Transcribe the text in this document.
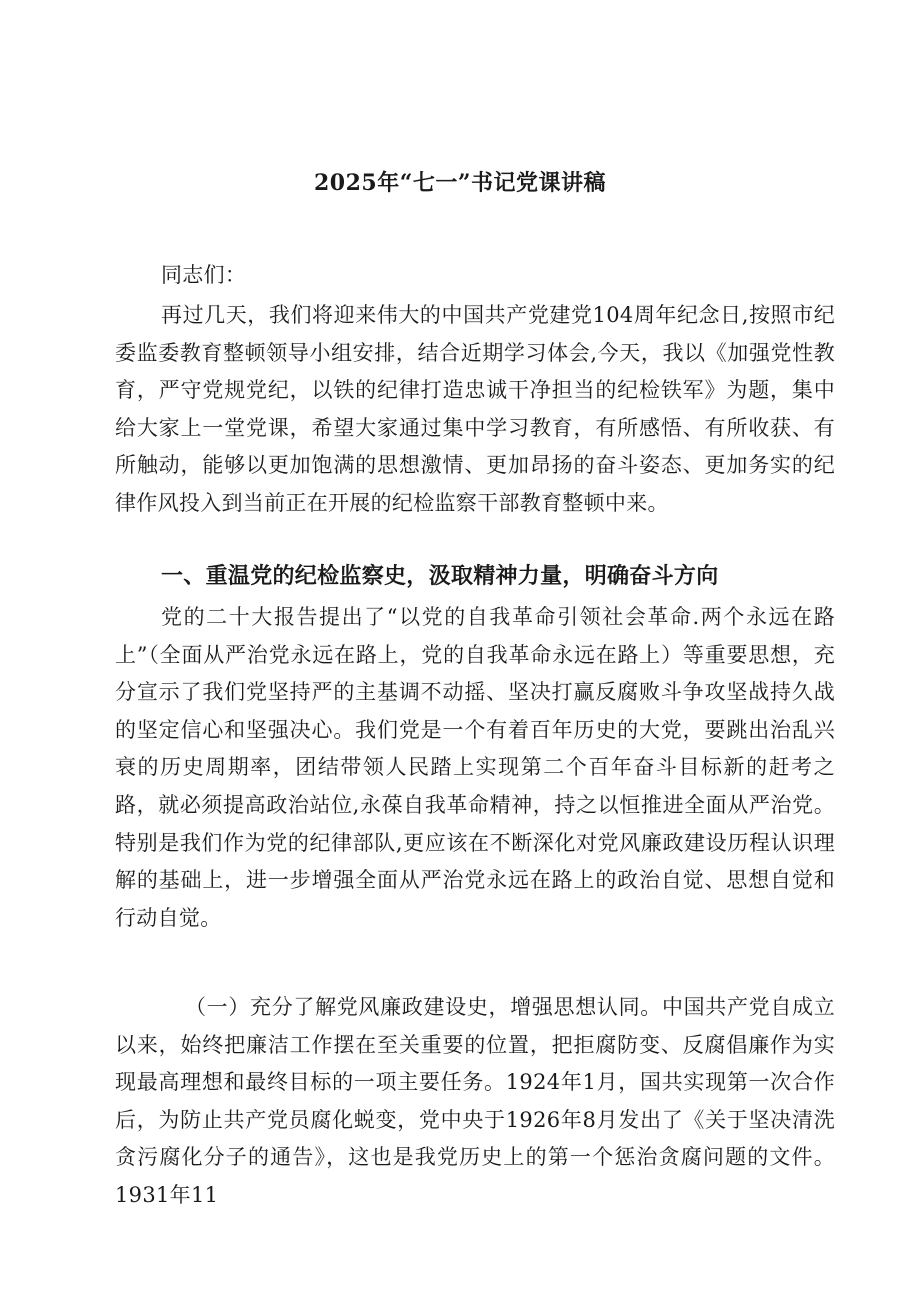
2025年“七一”书记党课讲稿
同志们：
再过几天，我们将迎来伟大的中国共产党建党104周年纪念日,按照市纪委监委教育整顿领导小组安排，结合近期学习体会,今天，我以《加强党性教育，严守党规党纪，以铁的纪律打造忠诚干净担当的纪检铁军》为题，集中给大家上一堂党课，希望大家通过集中学习教育，有所感悟、有所收获、有所触动，能够以更加饱满的思想激情、更加昂扬的奋斗姿态、更加务实的纪律作风投入到当前正在开展的纪检监察干部教育整顿中来。
一、重温党的纪检监察史，汲取精神力量，明确奋斗方向
党的二十大报告提出了“以党的自我革命引领社会革命.两个永远在路上”（全面从严治党永远在路上，党的自我革命永远在路上）等重要思想，充分宣示了我们党坚持严的主基调不动摇、坚决打赢反腐败斗争攻坚战持久战的坚定信心和坚强决心。我们党是一个有着百年历史的大党，要跳出治乱兴衰的历史周期率，团结带领人民踏上实现第二个百年奋斗目标新的赶考之路，就必须提高政治站位,永葆自我革命精神，持之以恒推进全面从严治党。特别是我们作为党的纪律部队,更应该在不断深化对党风廉政建设历程认识理解的基础上，进一步增强全面从严治党永远在路上的政治自觉、思想自觉和行动自觉。
（一）充分了解党风廉政建设史，增强思想认同。中国共产党自成立以来，始终把廉洁工作摆在至关重要的位置，把拒腐防变、反腐倡廉作为实现最高理想和最终目标的一项主要任务。1924年1月，国共实现第一次合作后，为防止共产党员腐化蜕变，党中央于1926年8月发出了《关于坚决清洗贪污腐化分子的通告》，这也是我党历史上的第一个惩治贪腐问题的文件。1931年11
